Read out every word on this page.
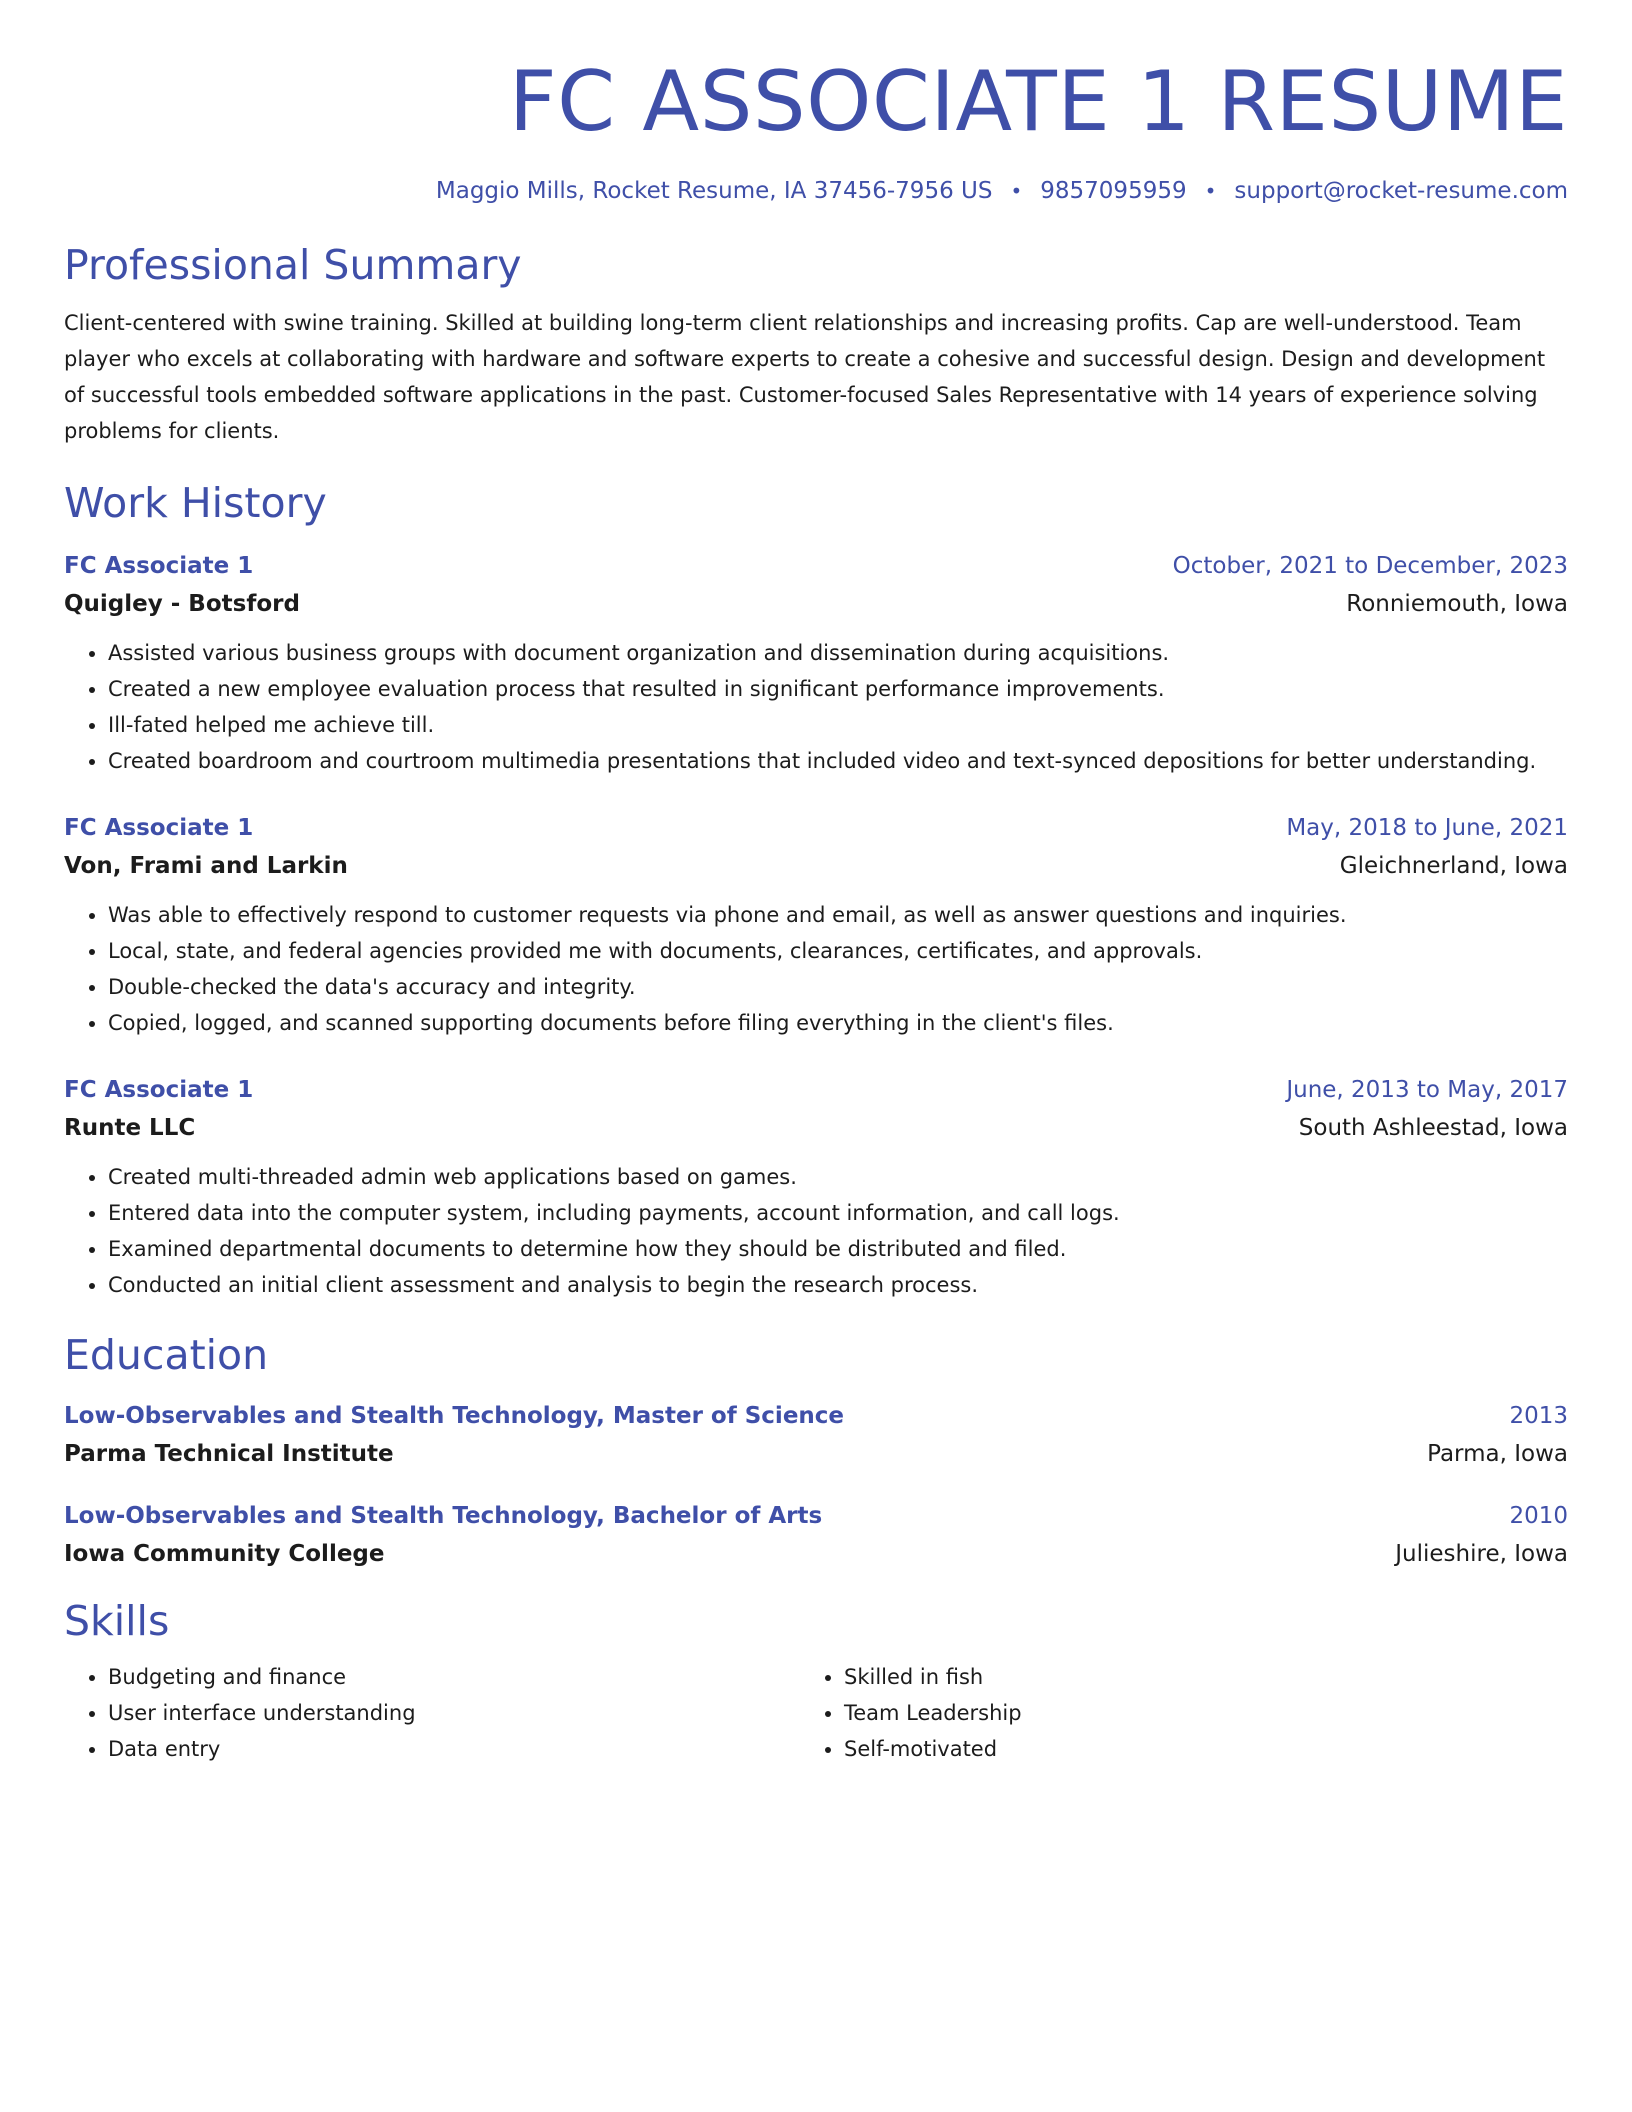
FC ASSOCIATE 1 RESUME
Maggio Mills, Rocket Resume, IA 37456-7956 US • 9857095959 • support@rocket-resume.com
Professional Summary
Client-centered with swine training. Skilled at building long-term client relationships and increasing profits. Cap are well-understood. Team player who excels at collaborating with hardware and software experts to create a cohesive and successful design. Design and development of successful tools embedded software applications in the past. Customer-focused Sales Representative with 14 years of experience solving problems for clients.
Work History
FC Associate 1	October, 2021 to December, 2023
Quigley - Botsford	Ronniemouth, Iowa
• Assisted various business groups with document organization and dissemination during acquisitions.
• Created a new employee evaluation process that resulted in significant performance improvements.
• Ill-fated helped me achieve till.
• Created boardroom and courtroom multimedia presentations that included video and text-synced depositions for better understanding.
FC Associate 1	May, 2018 to June, 2021
Von, Frami and Larkin	Gleichnerland, Iowa
• Was able to effectively respond to customer requests via phone and email, as well as answer questions and inquiries.
• Local, state, and federal agencies provided me with documents, clearances, certificates, and approvals.
• Double-checked the data's accuracy and integrity.
• Copied, logged, and scanned supporting documents before filing everything in the client's files.
FC Associate 1	June, 2013 to May, 2017
Runte LLC	South Ashleestad, Iowa
• Created multi-threaded admin web applications based on games.
• Entered data into the computer system, including payments, account information, and call logs.
• Examined departmental documents to determine how they should be distributed and filed.
• Conducted an initial client assessment and analysis to begin the research process.
Education
Low-Observables and Stealth Technology, Master of Science	2013
Parma Technical Institute	Parma, Iowa
Low-Observables and Stealth Technology, Bachelor of Arts	2010
Iowa Community College	Julieshire, Iowa
Skills
• Budgeting and finance
• User interface understanding
• Data entry
• Skilled in fish
• Team Leadership
• Self-motivated
